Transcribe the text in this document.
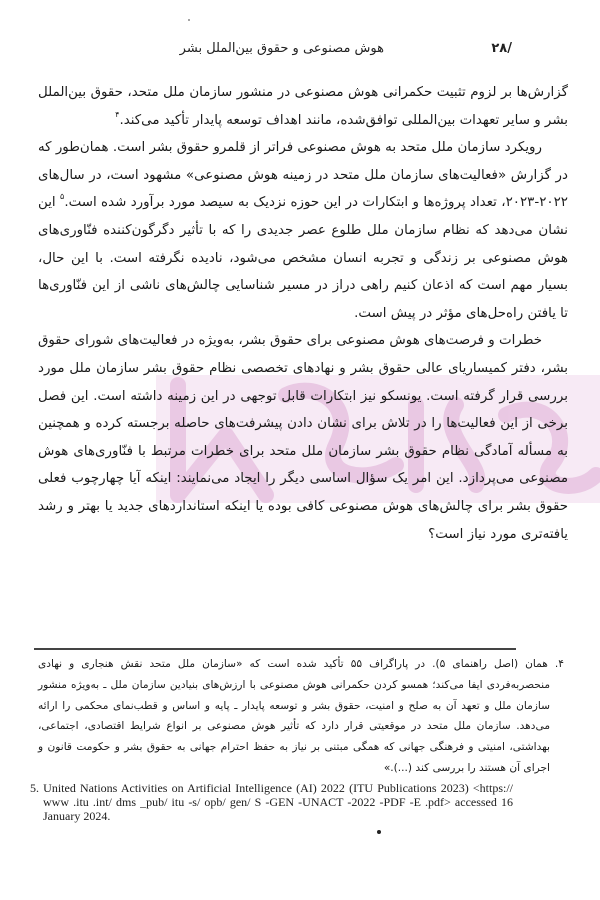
/۲۸
هوش مصنوعی و حقوق بین‌الملل بشر

گزارش‌ها بر لزوم تثبیت حکمرانی هوش مصنوعی در منشور سازمان ملل متحد، حقوق بین‌الملل بشر و سایر تعهدات بین‌المللی توافق‌شده، مانند اهداف توسعه پایدار تأکید می‌کند.$^۴$

رویکرد سازمان ملل متحد به هوش مصنوعی فراتر از قلمرو حقوق بشر است. همان‌طور که در گزارش «فعالیت‌های سازمان ملل متحد در زمینه هوش مصنوعی» مشهود است، در سال‌های ۲۰۲۲-۲۰۲۳، تعداد پروژه‌ها و ابتکارات در این حوزه نزدیک به سیصد مورد برآورد شده است.$^۵$ این نشان می‌دهد که نظام سازمان ملل طلوع عصر جدیدی را که با تأثیر دگرگون‌کننده فنّاوری‌های هوش مصنوعی بر زندگی و تجربه انسان مشخص می‌شود، نادیده نگرفته است. با این حال، بسیار مهم است که اذعان کنیم راهی دراز در مسیر شناسایی چالش‌های ناشی از این فنّاوری‌ها تا یافتن راه‌حل‌های مؤثر در پیش است.

خطرات و فرصت‌های هوش مصنوعی برای حقوق بشر، به‌ویژه در فعالیت‌های شورای حقوق بشر، دفتر کمیساریای عالی حقوق بشر و نهادهای تخصصی نظام حقوق بشر سازمان ملل مورد بررسی قرار گرفته است. یونسکو نیز ابتکارات قابل توجهی در این زمینه داشته است. این فصل برخی از این فعالیت‌ها را در تلاش برای نشان دادن پیشرفت‌های حاصله برجسته کرده و همچنین به مسأله آمادگی نظام حقوق بشر سازمان ملل متحد برای خطرات مرتبط با فنّاوری‌های هوش مصنوعی می‌پردازد. این امر یک سؤال اساسی دیگر را ایجاد می‌نمایند: اینکه آیا چهارچوب فعلی حقوق بشر برای چالش‌های هوش مصنوعی کافی بوده یا اینکه استانداردهای جدید یا بهتر و رشد یافته‌تری مورد نیاز است؟

۴. همان (اصل راهنمای ۵). در پاراگراف ۵۵ تأکید شده است که «سازمان ملل متحد نقش هنجاری و نهادی منحصربه‌فردی ایفا می‌کند؛ همسو کردن حکمرانی هوش مصنوعی با ارزش‌های بنیادین سازمان ملل ـ به‌ویژه منشور سازمان ملل و تعهد آن به صلح و امنیت، حقوق بشر و توسعه پایدار ـ پایه و اساس و قطب‌نمای محکمی را ارائه می‌دهد. سازمان ملل متحد در موقعیتی قرار دارد که تأثیر هوش مصنوعی بر انواع شرایط اقتصادی، اجتماعی، بهداشتی، امنیتی و فرهنگی جهانی که همگی مبتنی بر نیاز به حفظ احترام جهانی به حقوق بشر و حکومت قانون و اجرای آن هستند را بررسی کند (...).»

5. United Nations Activities on Artificial Intelligence (AI) 2022 (ITU Publications 2023) <https:// www .itu .int/ dms _pub/ itu -s/ opb/ gen/ S -GEN -UNACT -2022 -PDF -E .pdf> accessed 16 January 2024.
